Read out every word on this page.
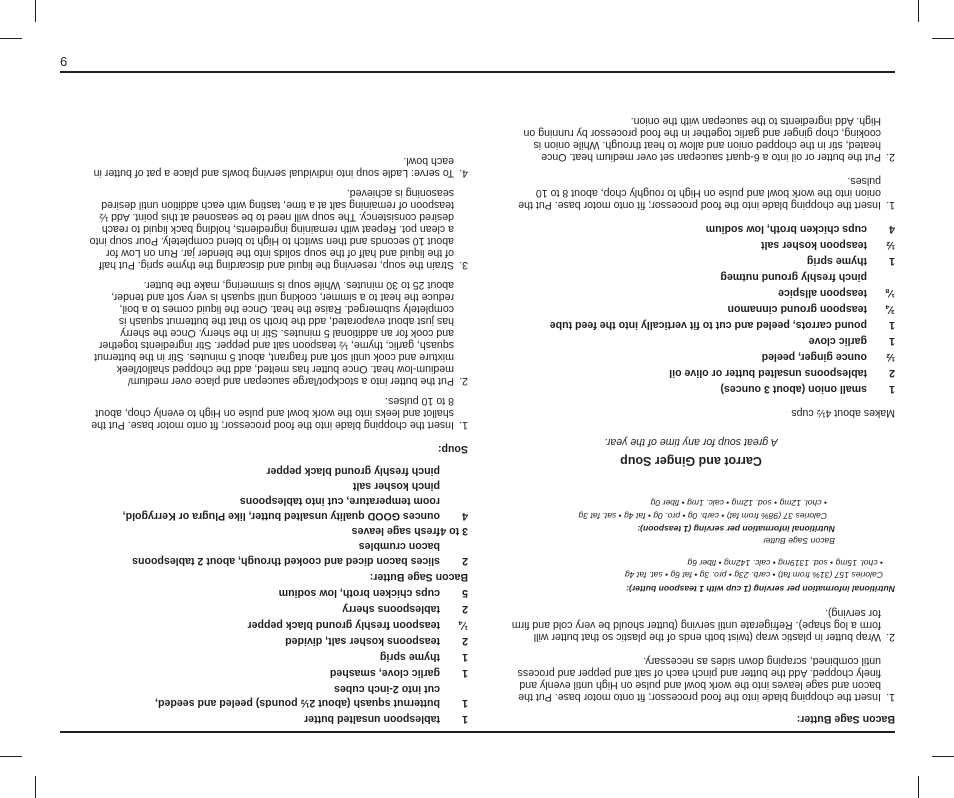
6
Carrot and Ginger Soup
A great soup for any time of the year.
Makes about 4½ cups
1
small onion (about 3 ounces)
2
tablespoons unsalted butter or olive oil
½
ounce ginger, peeled
1
garlic clove
1
pound carrots, peeled and cut to fit vertically into the feed tube
¾
teaspoon ground cinnamon
⅛
teaspoon allspice
pinch freshly ground nutmeg
1
thyme sprig
½
teaspoon kosher salt
4
cups chicken broth, low sodium
1.
Insert the chopping blade into the food processor; fit onto motor base. Put the
onion into the work bowl and pulse on High to roughly chop, about 8 to 10
pulses.
2.
Put the butter or oil into a 6-quart saucepan set over medium heat. Once
heated, stir in the chopped onion and allow to heat through. While onion is
cooking, chop ginger and garlic together in the food processor by running on
High. Add ingredients to the saucepan with the onion.
1
tablespoon unsalted butter
1
butternut squash (about 2½ pounds) peeled and seeded,
cut into 2-inch cubes
1
garlic clove, smashed
1
thyme sprig
2
teaspoons kosher salt, divided
¼
teaspoon freshly ground black pepper
2
tablespoons sherry
5
cups chicken broth, low sodium
Bacon Sage Butter:
2
slices bacon diced and cooked through, about 2 tablespoons
bacon crumbles
3 to 4
fresh sage leaves
4
ounces GOOD quality unsalted butter, like Plugra or Kerrygold,
room temperature, cut into tablespoons
pinch kosher salt
pinch freshly ground black pepper
Soup:
1.
Insert the chopping blade into the food processor; fit onto motor base. Put the
shallot and leeks into the work bowl and pulse on High to evenly chop, about
8 to 10 pulses.
2.
Put the butter into a stockpot/large saucepan and place over medium/
medium-low heat. Once butter has melted, add the chopped shallot/leek
mixture and cook until soft and fragrant, about 5 minutes. Stir in the butternut
squash, garlic, thyme, ½ teaspoon salt and pepper. Stir ingredients together
and cook for an additional 5 minutes. Stir in the sherry. Once the sherry
has just about evaporated, add the broth so that the butternut squash is
completely submerged. Raise the heat. Once the liquid comes to a boil,
reduce the heat to a simmer, cooking until squash is very soft and tender,
about 25 to 30 minutes. While soup is simmering, make the butter.
3.
Strain the soup, reserving the liquid and discarding the thyme sprig. Put half
of the liquid and half of the soup solids into the blender jar. Run on Low for
about 10 seconds and then switch to High to blend completely. Pour soup into
a clean pot. Repeat with remaining ingredients, holding back liquid to reach
desired consistency. The soup will need to be seasoned at this point. Add ½
teaspoon of remaining salt at a time, tasting with each addition until desired
seasoning is achieved.
4.
To serve: Ladle soup into individual serving bowls and place a pat of butter in
each bowl.
Bacon Sage Butter:
1.
Insert the chopping blade into the food processor; fit onto motor base. Put the
bacon and sage leaves into the work bowl and pulse on High until evenly and
finely chopped. Add the butter and pinch each of salt and pepper and process
until combined, scraping down sides as necessary.
2.
Wrap butter in plastic wrap (twist both ends of the plastic so that butter will
form a log shape). Refrigerate until serving (butter should be very cold and firm
for serving).
Nutritional information per serving (1 cup with 1 teaspoon butter):
Calories 157 (31% from fat) • carb. 23g • pro. 3g • fat 6g • sat. fat 4g
• chol. 15mg • sod. 1319mg • calc. 142mg • fiber 6g
Bacon Sage Butter
Nutritional information per serving (1 teaspoon):
Calories 37 (98% from fat) • carb. 0g • pro. 0g • fat 4g • sat. fat 3g
• chol. 12mg • sod. 12mg • calc. 1mg • fiber 0g
